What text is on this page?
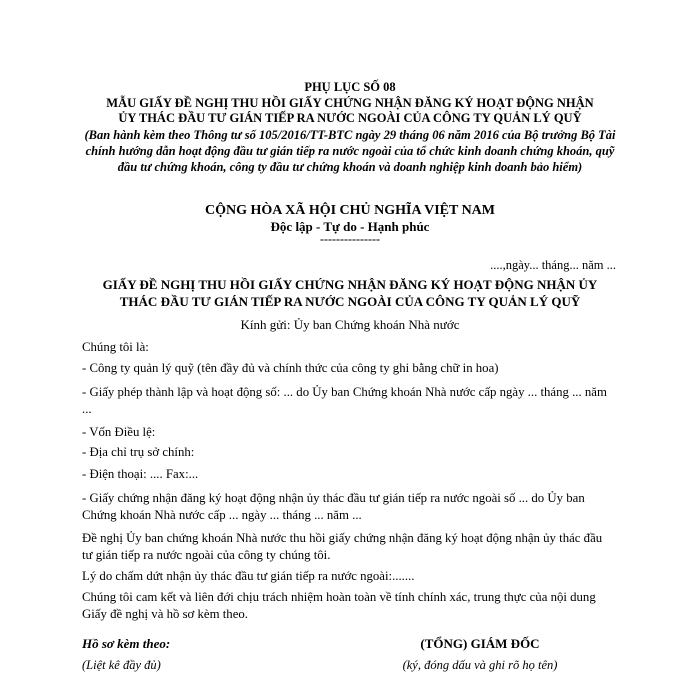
PHỤ LỤC SỐ 08
MẪU GIẤY ĐỀ NGHỊ THU HỒI GIẤY CHỨNG NHẬN ĐĂNG KÝ HOẠT ĐỘNG NHẬN
ỦY THÁC ĐẦU TƯ GIÁN TIẾP RA NƯỚC NGOÀI CỦA CÔNG TY QUẢN LÝ QUỸ
(Ban hành kèm theo Thông tư số 105/2016/TT-BTC ngày 29 tháng 06 năm 2016 của Bộ trưởng Bộ Tài chính hướng dẫn hoạt động đầu tư gián tiếp ra nước ngoài của tổ chức kinh doanh chứng khoán, quỹ đầu tư chứng khoán, công ty đầu tư chứng khoán và doanh nghiệp kinh doanh bảo hiểm)
CỘNG HÒA XÃ HỘI CHỦ NGHĨA VIỆT NAM
Độc lập - Tự do - Hạnh phúc
---------------
....,ngày... tháng... năm ...
GIẤY ĐỀ NGHỊ THU HỒI GIẤY CHỨNG NHẬN ĐĂNG KÝ HOẠT ĐỘNG NHẬN ỦY
THÁC ĐẦU TƯ GIÁN TIẾP RA NƯỚC NGOÀI CỦA CÔNG TY QUẢN LÝ QUỸ
Kính gửi: Ủy ban Chứng khoán Nhà nước
Chúng tôi là:
- Công ty quản lý quỹ (tên đầy đủ và chính thức của công ty ghi bằng chữ in hoa)
- Giấy phép thành lập và hoạt động số: ... do Ủy ban Chứng khoán Nhà nước cấp ngày ... tháng ... năm ...
- Vốn Điều lệ:
- Địa chỉ trụ sở chính:
- Điện thoại: .... Fax:...
- Giấy chứng nhận đăng ký hoạt động nhận ủy thác đầu tư gián tiếp ra nước ngoài số ... do Ủy ban Chứng khoán Nhà nước cấp ... ngày ... tháng ... năm ...
Đề nghị Ủy ban chứng khoán Nhà nước thu hồi giấy chứng nhận đăng ký hoạt động nhận ủy thác đầu tư gián tiếp ra nước ngoài của công ty chúng tôi.
Lý do chấm dứt nhận ủy thác đầu tư gián tiếp ra nước ngoài:.......
Chúng tôi cam kết và liên đới chịu trách nhiệm hoàn toàn về tính chính xác, trung thực của nội dung Giấy đề nghị và hồ sơ kèm theo.
Hồ sơ kèm theo:
(Liệt kê đầy đủ)
(TỔNG) GIÁM ĐỐC
(ký, đóng dấu và ghi rõ họ tên)
